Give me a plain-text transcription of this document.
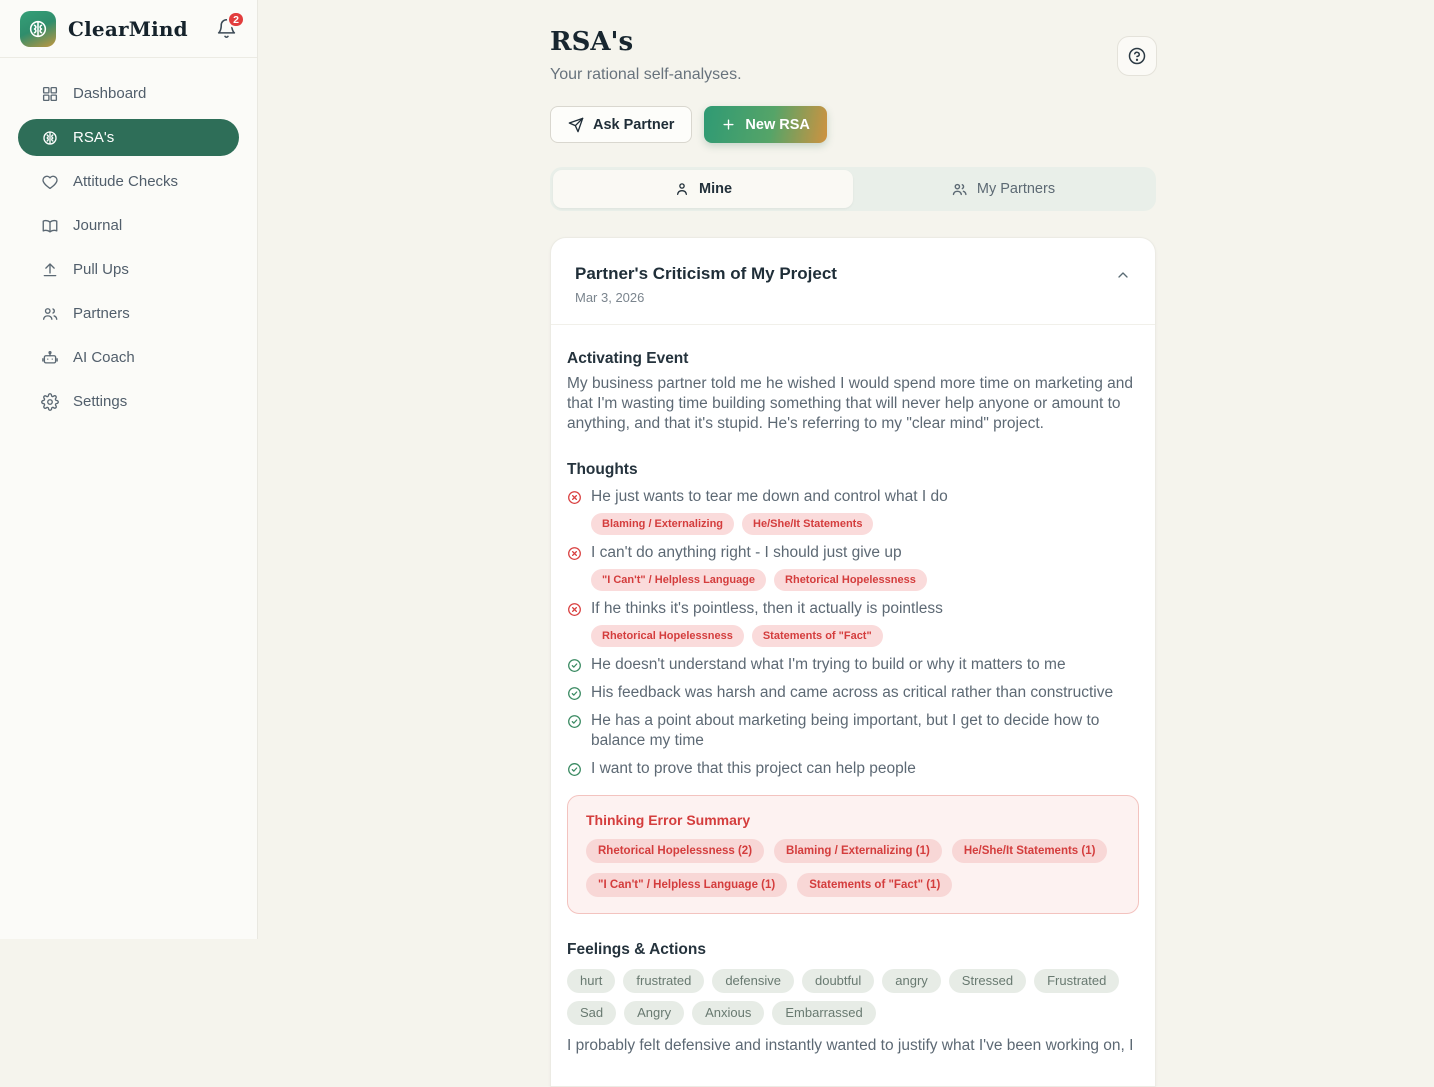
ClearMind	2
Dashboard
RSA's
Attitude Checks
Journal
Pull Ups
Partners
AI Coach
Settings
RSA's
Your rational self-analyses.
Ask Partner	New RSA
Mine	My Partners
Partner's Criticism of My Project
Mar 3, 2026
Activating Event
My business partner told me he wished I would spend more time on marketing and that I'm wasting time building something that will never help anyone or amount to anything, and that it's stupid. He's referring to my "clear mind" project.
Thoughts
He just wants to tear me down and control what I do
Blaming / Externalizing	He/She/It Statements
I can't do anything right - I should just give up
"I Can't" / Helpless Language	Rhetorical Hopelessness
If he thinks it's pointless, then it actually is pointless
Rhetorical Hopelessness	Statements of "Fact"
He doesn't understand what I'm trying to build or why it matters to me
His feedback was harsh and came across as critical rather than constructive
He has a point about marketing being important, but I get to decide how to balance my time
I want to prove that this project can help people
Thinking Error Summary
Rhetorical Hopelessness (2)	Blaming / Externalizing (1)	He/She/It Statements (1)
"I Can't" / Helpless Language (1)	Statements of "Fact" (1)
Feelings & Actions
hurt	frustrated	defensive	doubtful	angry	Stressed	Frustrated
Sad	Angry	Anxious	Embarrassed
I probably felt defensive and instantly wanted to justify what I've been working on, I
